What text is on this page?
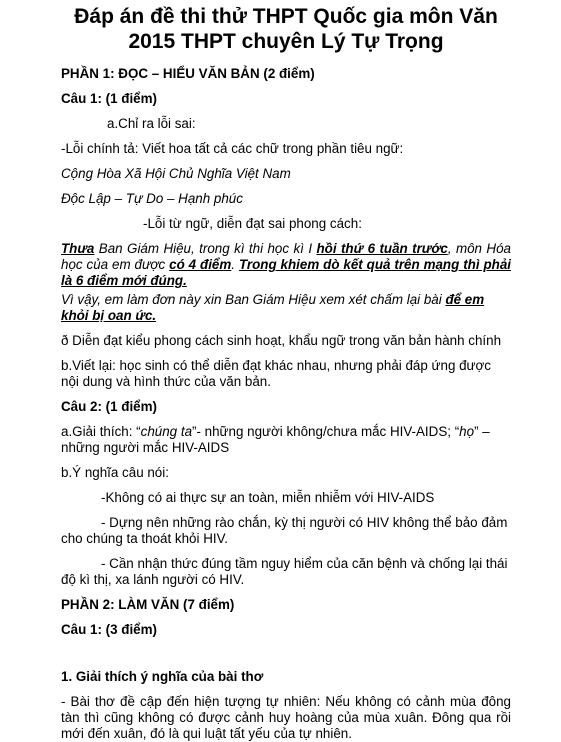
Đáp án đề thi thử THPT Quốc gia môn Văn
2015 THPT chuyên Lý Tự Trọng
PHẦN 1: ĐỌC – HIỂU VĂN BẢN (2 điểm)
Câu 1: (1 điểm)
a.Chỉ ra lỗi sai:
-Lỗi chính tả: Viết hoa tất cả các chữ trong phần tiêu ngữ:
Cộng Hòa Xã Hội Chủ Nghĩa Việt Nam
Độc Lập – Tự Do – Hạnh phúc
-Lỗi từ ngữ, diễn đạt sai phong cách:
Thưa Ban Giám Hiệu, trong kì thi học kì I hồi thứ 6 tuần trước, môn Hóa học của em được có 4 điểm. Trong khiem dò kết quả trên mạng thì phải là 6 điểm mới đúng.
Vì vậy, em làm đơn này xin Ban Giám Hiệu xem xét chấm lại bài để em khỏi bị oan ức.
ð Diễn đạt kiểu phong cách sinh hoạt, khẩu ngữ trong văn bản hành chính
b.Viết lại: học sinh có thể diễn đạt khác nhau, nhưng phải đáp ứng được nội dung và hình thức của văn bản.
Câu 2: (1 điểm)
a.Giải thích: “chúng ta”- những người không/chưa mắc HIV-AIDS; “họ” – những người mắc HIV-AIDS
b.Ý nghĩa câu nói:
-Không có ai thực sự an toàn, miễn nhiễm với HIV-AIDS
- Dựng nên những rào chắn, kỳ thị người có HIV không thể bảo đảm cho chúng ta thoát khỏi HIV.
- Cần nhận thức đúng tầm nguy hiểm của căn bệnh và chống lại thái độ kì thị, xa lánh người có HIV.
PHẦN 2: LÀM VĂN (7 điểm)
Câu 1: (3 điểm)
1. Giải thích ý nghĩa của bài thơ
- Bài thơ đề cập đến hiện tượng tự nhiên: Nếu không có cảnh mùa đông tàn thì cũng không có được cảnh huy hoàng của mùa xuân. Đông qua rồi mới đến xuân, đó là qui luật tất yếu của tự nhiên.
